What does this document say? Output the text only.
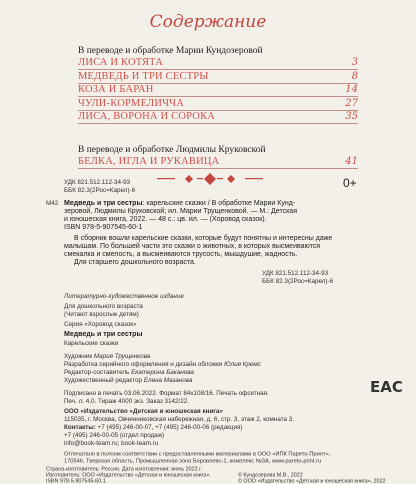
Содержание
В переводе и обработке Марии Кундозеровой
ЛИСА И КОТЯТА	3
МЕДВЕДЬ И ТРИ СЕСТРЫ	8
КОЗА И БАРАН	14
ЧУЛИ-КОРМЕЛИЧЧА	27
ЛИСА, ВОРОНА И СОРОКА	35
В переводе и обработке Людмилы Круковской
БЕЛКА, ИГЛА И РУКАВИЦА	41
0+
УДК 821.512.112-34-93
ББК 82.3(2Рос=Карел)-6
М42 Медведь и три сестры: карельские сказки / В обработке Марии Кунд-
зеровой, Людмилы Круковской; ил. Марии Трущенковой. — М.: Детская
и юношеская книга, 2022. — 48 с.: цв. ил. — (Хоровод сказок).
ISBN 978-5-907545-60-1
В сборник вошли карельские сказки, которые будут понятны и интересны даже
малышам. По большей части это сказки о животных, в которых высмеиваются
смекалка и смелость, а высмеиваются трусость, мышдушие, жадность.
Для старшего дошкольного возраста.
УДК 821.512.112-34-93
ББК 82.3(2Рос=Карел)-6
Литературно-художественное издание
Для дошкольного возраста
(Читают взрослые детям)
Серия «Хоровод сказок»
Медведь и три сестры
Карельские сказки
Художник Мария Трущенкова
Разработка серийного оформления и дизайн обложки Юлия Кремс
Редактор-составитель Екатерина Баканова
Художественный редактор Елена Мазанова
Подписано в печать 03.06.2022. Формат 84x108/16. Печать офсетная.
Печ. л. 4,0. Тираж 4000 экз. Заказ 3142/22.
ООО «Издательство «Детская и юношеская книга»
115035, г. Москва, Овчинниковская набережная, д. 6, стр. 3, этаж 2, комната 3.
Контакты: +7 (495) 246-00-07, +7 (495) 246-00-06 (редакция)
+7 (495) 246-00-05 (отдел продаж)
info@book-team.ru; book-team.ru
Отпечатано в полном соответствии с предоставленными материалами в ООО «ИПК Парето-Принт»,
170546, Тверская область, Промышленная зона Боровлево-1, комплекс №3А, www.pareto-print.ru
Страна-изготовитель: Россия. Дата изготовления: июнь 2022 г.
Изготовитель: ООО «Издательство «Детская и юношеская книга».
ISBN 978-5-907545-60-1
© Кундозерова М.В., 2022
© ООО «Издательство «Детская и юношеская книга», 2022
ЕАС
